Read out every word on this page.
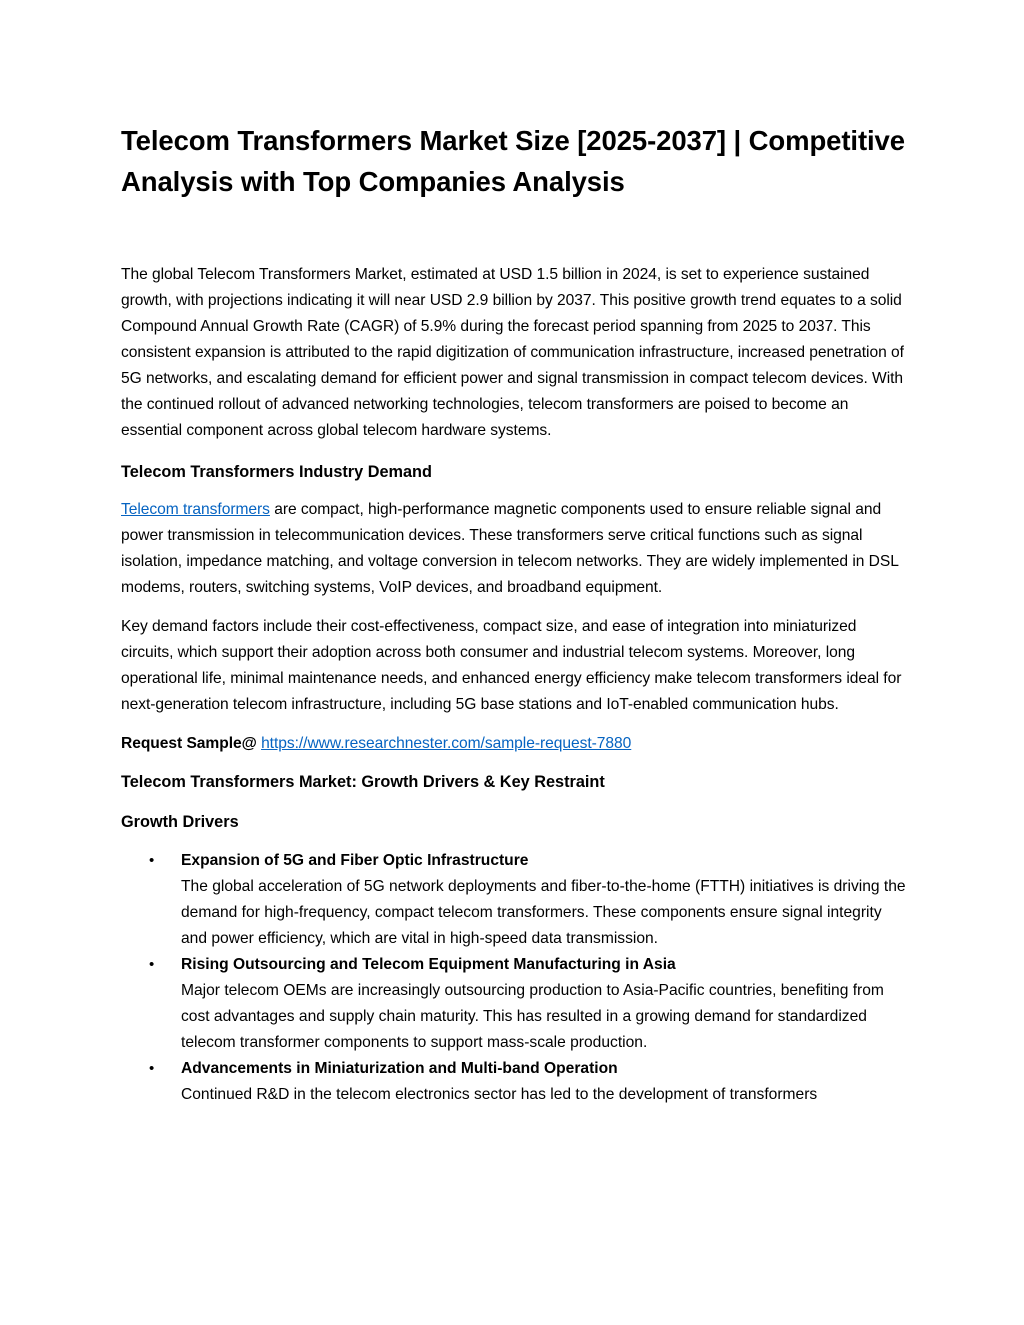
Telecom Transformers Market Size [2025-2037] | Competitive Analysis with Top Companies Analysis

The global Telecom Transformers Market, estimated at USD 1.5 billion in 2024, is set to experience sustained growth, with projections indicating it will near USD 2.9 billion by 2037. This positive growth trend equates to a solid Compound Annual Growth Rate (CAGR) of 5.9% during the forecast period spanning from 2025 to 2037. This consistent expansion is attributed to the rapid digitization of communication infrastructure, increased penetration of 5G networks, and escalating demand for efficient power and signal transmission in compact telecom devices. With the continued rollout of advanced networking technologies, telecom transformers are poised to become an essential component across global telecom hardware systems.

Telecom Transformers Industry Demand

Telecom transformers are compact, high-performance magnetic components used to ensure reliable signal and power transmission in telecommunication devices. These transformers serve critical functions such as signal isolation, impedance matching, and voltage conversion in telecom networks. They are widely implemented in DSL modems, routers, switching systems, VoIP devices, and broadband equipment.

Key demand factors include their cost-effectiveness, compact size, and ease of integration into miniaturized circuits, which support their adoption across both consumer and industrial telecom systems. Moreover, long operational life, minimal maintenance needs, and enhanced energy efficiency make telecom transformers ideal for next-generation telecom infrastructure, including 5G base stations and IoT-enabled communication hubs.

Request Sample@ https://www.researchnester.com/sample-request-7880

Telecom Transformers Market: Growth Drivers & Key Restraint
Growth Drivers
• Expansion of 5G and Fiber Optic Infrastructure
The global acceleration of 5G network deployments and fiber-to-the-home (FTTH) initiatives is driving the demand for high-frequency, compact telecom transformers. These components ensure signal integrity and power efficiency, which are vital in high-speed data transmission.
• Rising Outsourcing and Telecom Equipment Manufacturing in Asia
Major telecom OEMs are increasingly outsourcing production to Asia-Pacific countries, benefiting from cost advantages and supply chain maturity. This has resulted in a growing demand for standardized telecom transformer components to support mass-scale production.
• Advancements in Miniaturization and Multi-band Operation
Continued R&D in the telecom electronics sector has led to the development of transformers
